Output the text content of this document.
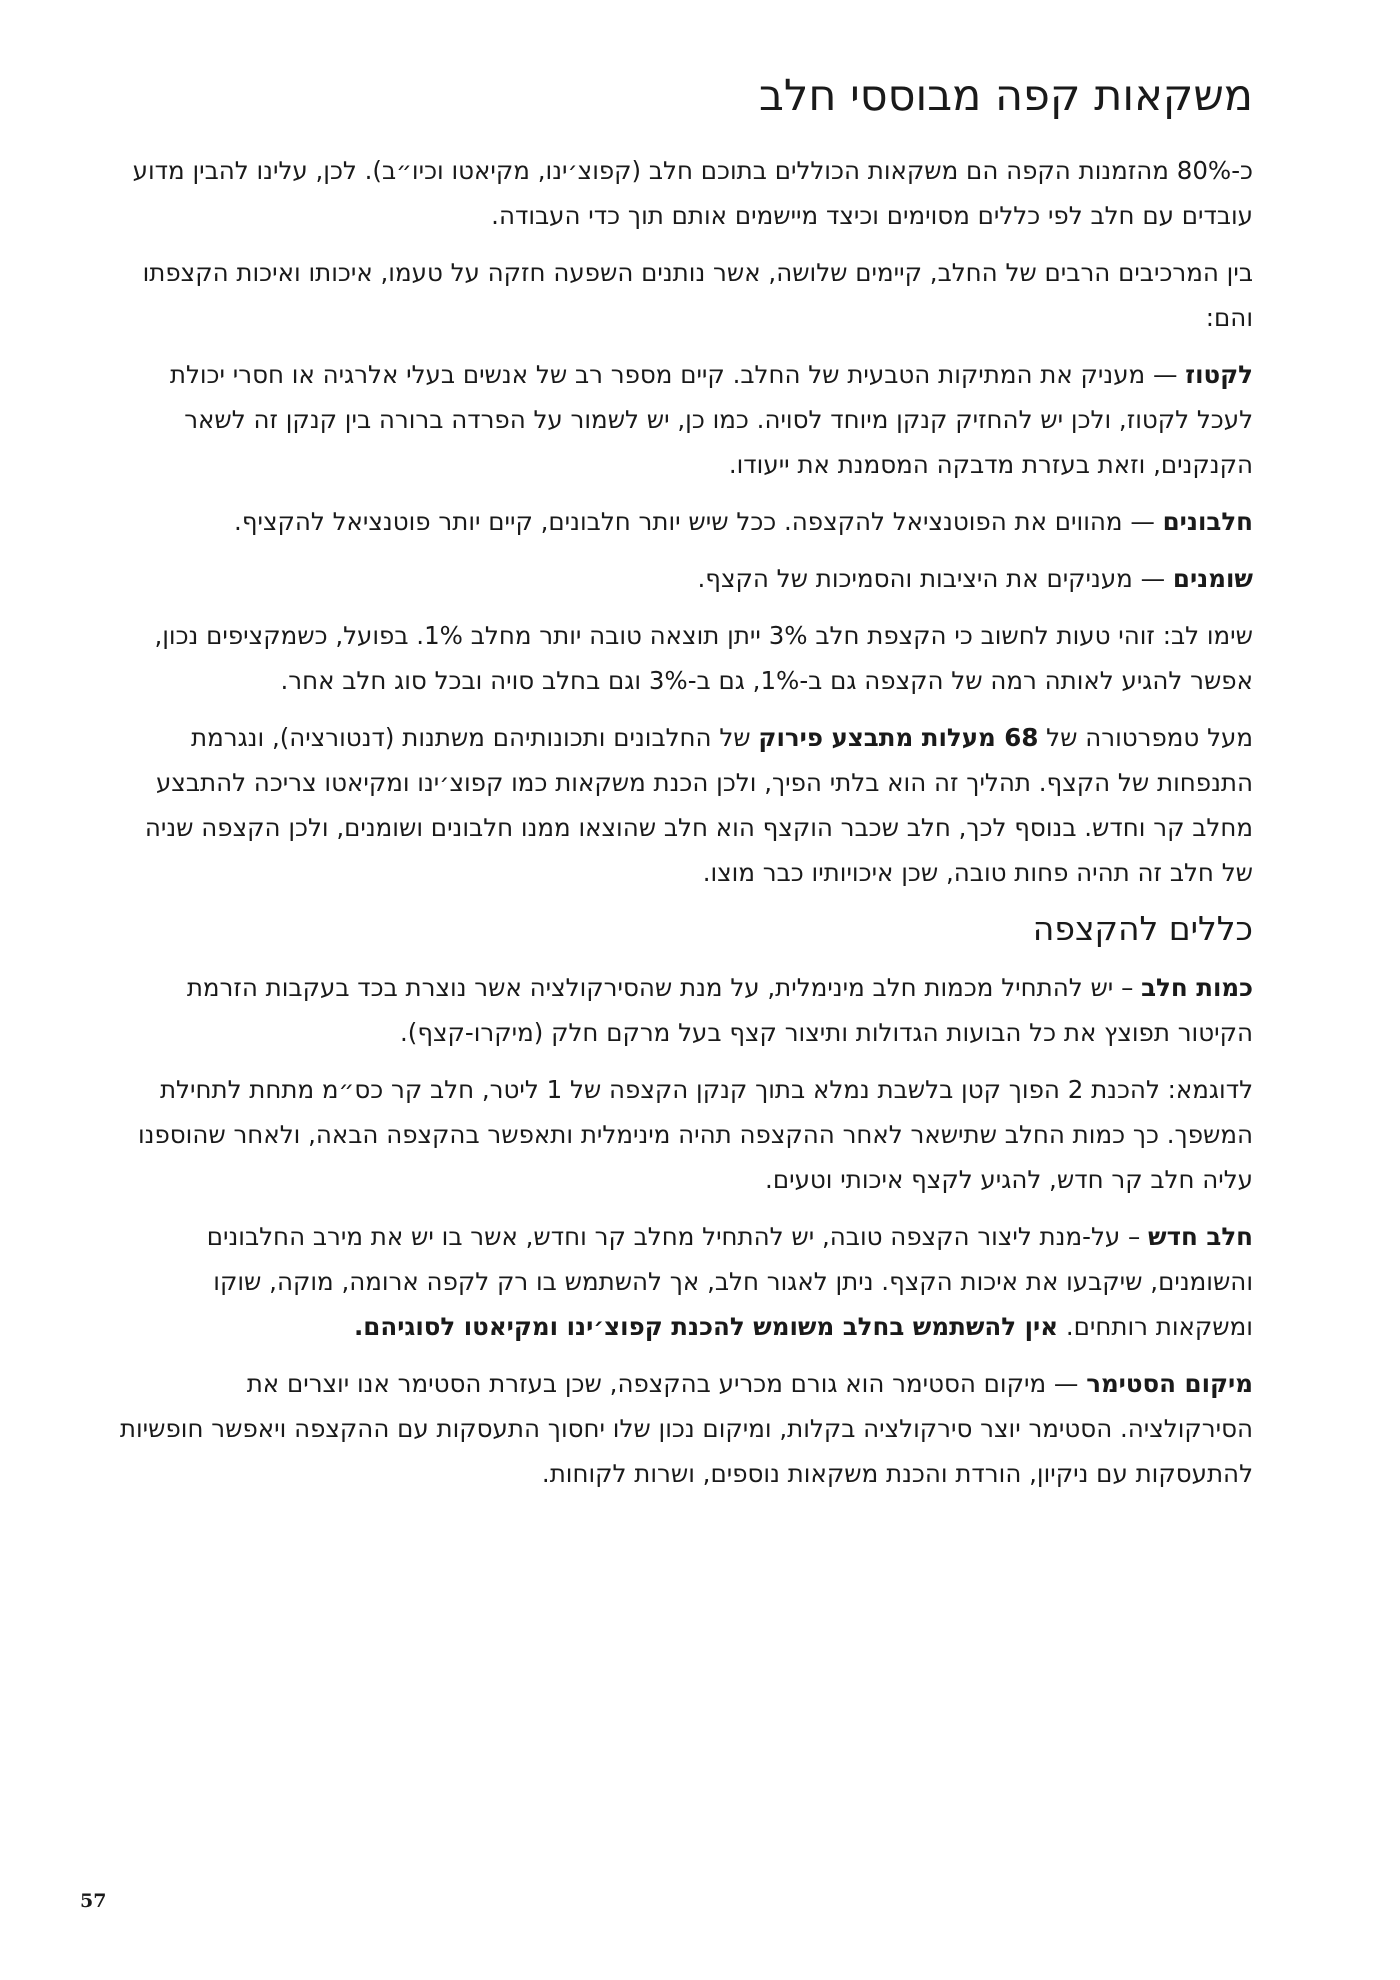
משקאות קפה מבוססי חלב

כ-80% מהזמנות הקפה הם משקאות הכוללים בתוכם חלב (קפוצ׳ינו, מקיאטו וכיו״ב). לכן, עלינו להבין מדוע עובדים עם חלב לפי כללים מסוימים וכיצד מיישמים אותם תוך כדי העבודה.

בין המרכיבים הרבים של החלב, קיימים שלושה, אשר נותנים השפעה חזקה על טעמו, איכותו ואיכות הקצפתו והם:

לקטוז — מעניק את המתיקות הטבעית של החלב. קיים מספר רב של אנשים בעלי אלרגיה או חסרי יכולת לעכל לקטוז, ולכן יש להחזיק קנקן מיוחד לסויה. כמו כן, יש לשמור על הפרדה ברורה בין קנקן זה לשאר הקנקנים, וזאת בעזרת מדבקה המסמנת את ייעודו.

חלבונים — מהווים את הפוטנציאל להקצפה. ככל שיש יותר חלבונים, קיים יותר פוטנציאל להקציף.

שומנים — מעניקים את היציבות והסמיכות של הקצף.

שימו לב: זוהי טעות לחשוב כי הקצפת חלב 3% ייתן תוצאה טובה יותר מחלב 1%. בפועל, כשמקציפים נכון, אפשר להגיע לאותה רמה של הקצפה גם ב-1%, גם ב-3% וגם בחלב סויה ובכל סוג חלב אחר.

מעל טמפרטורה של 68 מעלות מתבצע פירוק של החלבונים ותכונותיהם משתנות (דנטורציה), ונגרמת התנפחות של הקצף. תהליך זה הוא בלתי הפיך, ולכן הכנת משקאות כמו קפוצ׳ינו ומקיאטו צריכה להתבצע מחלב קר וחדש. בנוסף לכך, חלב שכבר הוקצף הוא חלב שהוצאו ממנו חלבונים ושומנים, ולכן הקצפה שניה של חלב זה תהיה פחות טובה, שכן איכויותיו כבר מוצו.

כללים להקצפה

כמות חלב – יש להתחיל מכמות חלב מינימלית, על מנת שהסירקולציה אשר נוצרת בכד בעקבות הזרמת הקיטור תפוצץ את כל הבועות הגדולות ותיצור קצף בעל מרקם חלק (מיקרו-קצף).

לדוגמא: להכנת 2 הפוך קטן בלשבת נמלא בתוך קנקן הקצפה של 1 ליטר, חלב קר כס״מ מתחת לתחילת המשפך. כך כמות החלב שתישאר לאחר ההקצפה תהיה מינימלית ותאפשר בהקצפה הבאה, ולאחר שהוספנו עליה חלב קר חדש, להגיע לקצף איכותי וטעים.

חלב חדש – על-מנת ליצור הקצפה טובה, יש להתחיל מחלב קר וחדש, אשר בו יש את מירב החלבונים והשומנים, שיקבעו את איכות הקצף. ניתן לאגור חלב, אך להשתמש בו רק לקפה ארומה, מוקה, שוקו ומשקאות רותחים. אין להשתמש בחלב משומש להכנת קפוצ׳ינו ומקיאטו לסוגיהם.

מיקום הסטימר — מיקום הסטימר הוא גורם מכריע בהקצפה, שכן בעזרת הסטימר אנו יוצרים את הסירקולציה. הסטימר יוצר סירקולציה בקלות, ומיקום נכון שלו יחסוך התעסקות עם ההקצפה ויאפשר חופשיות להתעסקות עם ניקיון, הורדת והכנת משקאות נוספים, ושרות לקוחות.

57
